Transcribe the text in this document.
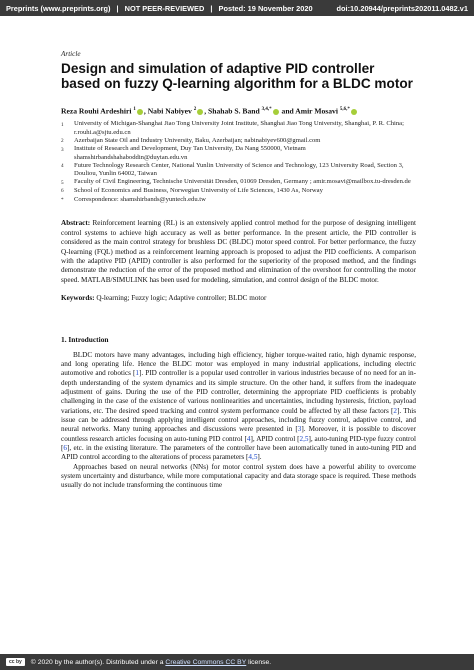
Preprints (www.preprints.org) | NOT PEER-REVIEWED | Posted: 19 November 2020	doi:10.20944/preprints202011.0482.v1
Article
Design and simulation of adaptive PID controller based on fuzzy Q-learning algorithm for a BLDC motor
Reza Rouhi Ardeshiri $^1$ , Nabi Nabiyev $^2$ , Shahab S. Band $^{3,4,*}$ and Amir Mosavi $^{5,6,*}$
1	University of Michigan-Shanghai Jiao Tong University Joint Institute, Shanghai Jiao Tong University, Shanghai, P. R. China; r.rouhi.a@sjtu.edu.cn
2	Azerbaijan State Oil and Industry University, Baku, Azerbaijan; nabinabiyev600@gmail.com
3	Institute of Research and Development, Duy Tan University, Da Nang 550000, Vietnam shamshirbandshahaboddin@duytan.edu.vn
4	Future Technology Research Center, National Yunlin University of Science and Technology, 123 University Road, Section 3, Douliou, Yunlin 64002, Taiwan
5	Faculty of Civil Engineering, Technische Universität Dresden, 01069 Dresden, Germany ; amir.mosavi@mailbox.tu-dresden.de
6	School of Economics and Business, Norwegian University of Life Sciences, 1430 As, Norway
*	Correspondence: shamshirbands@yuntech.edu.tw
Abstract: Reinforcement learning (RL) is an extensively applied control method for the purpose of designing intelligent control systems to achieve high accuracy as well as better performance. In the present article, the PID controller is considered as the main control strategy for brushless DC (BLDC) motor speed control. For better performance, the fuzzy Q-learning (FQL) method as a reinforcement learning approach is proposed to adjust the PID coefficients. A comparison with the adaptive PID (APID) controller is also performed for the superiority of the proposed method, and the findings demonstrate the reduction of the error of the proposed method and elimination of the overshoot for controlling the motor speed. MATLAB/SIMULINK has been used for modeling, simulation, and control design of the BLDC motor.
Keywords: Q-learning; Fuzzy logic; Adaptive controller; BLDC motor
1. Introduction

BLDC motors have many advantages, including high efficiency, higher torque-waited ratio, high dynamic response, and long operating life. Hence the BLDC motor was employed in many industrial applications, including electric automotive and robotics [1]. PID controller is a popular used controller in various industries because of no need for an in-depth understanding of the system dynamics and its simple structure. On the other hand, it suffers from the inadequate adjustment of gains. During the use of the PID controller, determining the appropriate PID coefficients is probably challenging in the case of the existence of various nonlinearities and uncertainties, including hysteresis, friction, payload variations, etc. The desired speed tracking and control system performance could be affected by all these factors [2]. This issue can be addressed through applying intelligent control approaches, including fuzzy control, adaptive control, and neural networks. Many tuning approaches and discussions were presented in [3]. Moreover, it is possible to discover countless research articles focusing on auto-tuning PID control [4], APID control [2,5], auto-tuning PID-type fuzzy control [6], etc. in the existing literature. The parameters of the controller have been automatically tuned in auto-tuning PID and APID control according to the alterations of process parameters [4,5].

Approaches based on neural networks (NNs) for motor control system does have a powerful ability to overcome system uncertainty and disturbance, while more computational capacity and data storage space is required. These methods usually do not include transforming the continuous time

cc by	© 2020 by the author(s). Distributed under a
Creative Commons CC BY
license.
